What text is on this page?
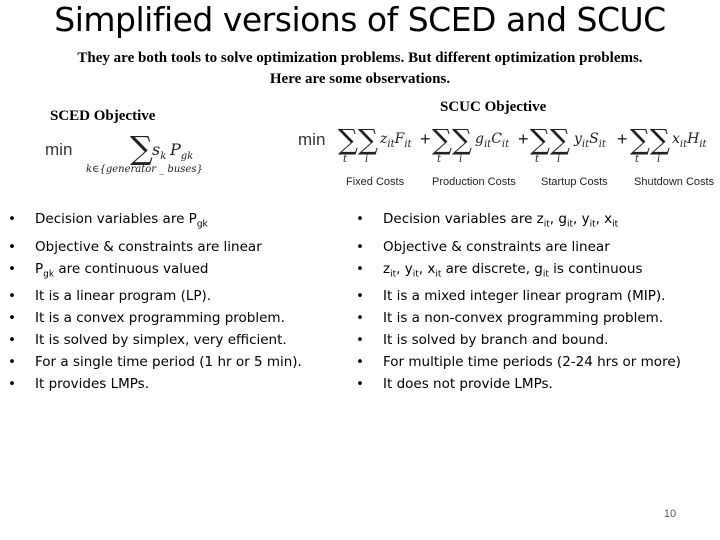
Simplified versions of SCED and SCUC
They are both tools to solve optimization problems. But different optimization problems.
Here are some observations.
SCED Objective
SCUC Objective
min ∑ $s_k$ $P_{gk}$
k∈{generator _ buses}
min ∑∑
t i
$z_{it}F_{it}$ + ∑∑
t i
$g_{it}C_{it}$ + ∑∑
t i
$y_{it}S_{it}$ + ∑∑
t i
$x_{it}H_{it}$
Fixed Costs	Production Costs Startup Costs Shutdown Costs
• Decision variables are $P_{gk}$
• Objective & constraints are linear
• $P_{gk}$ are continuous valued
• It is a linear program (LP).
• It is a convex programming problem.
• It is solved by simplex, very efficient.
• For a single time period (1 hr or 5 min).
• It provides LMPs.
• Decision variables are $z_{it}$, $g_{it}$, $y_{it}$, $x_{it}$
• Objective & constraints are linear
• $z_{it}$, $y_{it}$, $x_{it}$ are discrete, $g_{it}$ is continuous
• It is a mixed integer linear program (MIP).
• It is a non-convex programming problem.
• It is solved by branch and bound.
• For multiple time periods (2-24 hrs or more)
• It does not provide LMPs.
10
